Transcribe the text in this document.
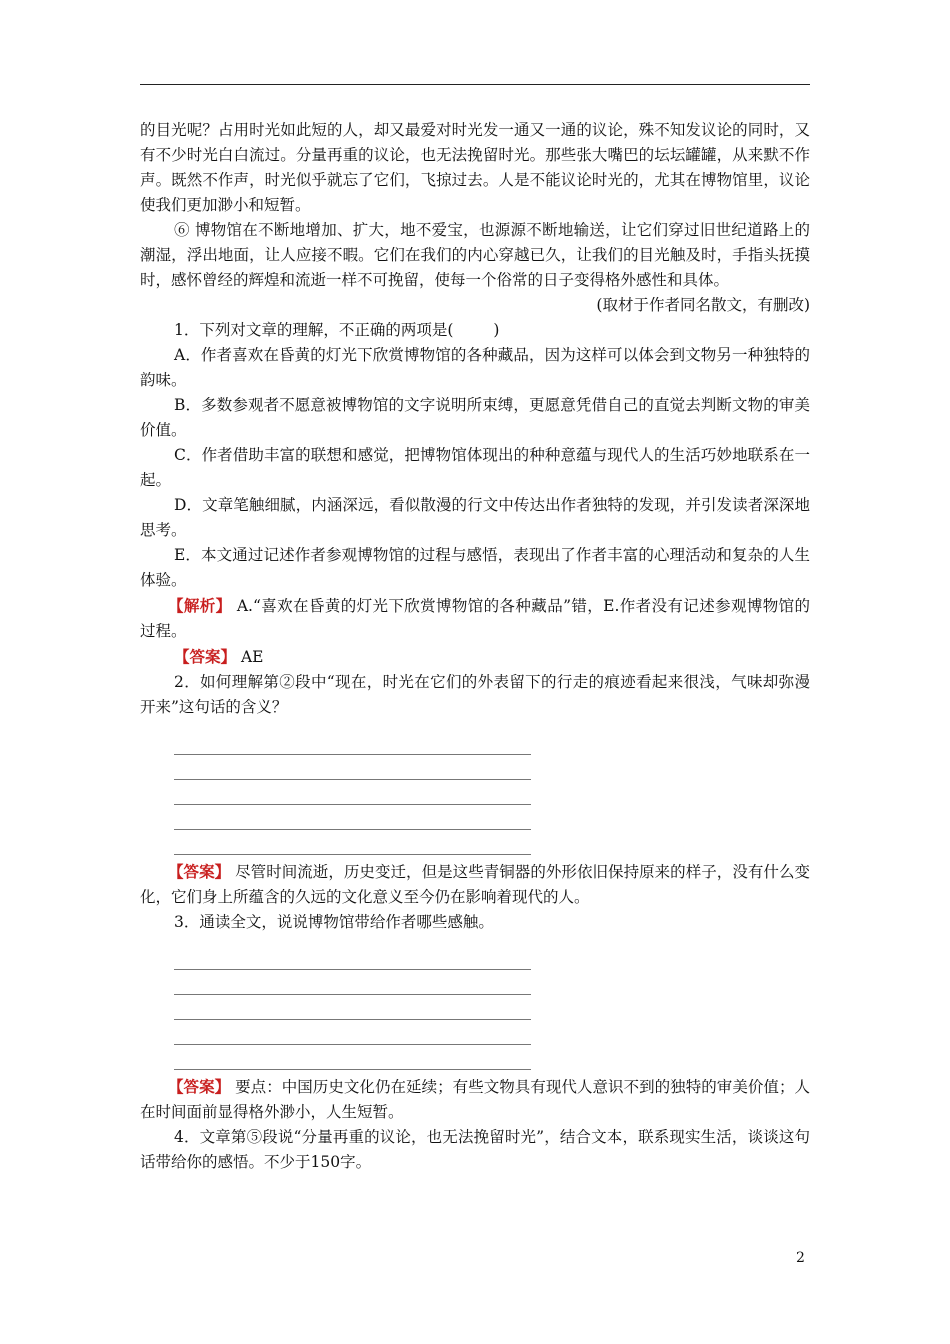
的目光呢？占用时光如此短的人，却又最爱对时光发一通又一通的议论，殊不知发议论的同时，又有不少时光白白流过。分量再重的议论，也无法挽留时光。那些张大嘴巴的坛坛罐罐，从来默不作声。既然不作声，时光似乎就忘了它们，飞掠过去。人是不能议论时光的，尤其在博物馆里，议论使我们更加渺小和短暂。

⑥ 博物馆在不断地增加、扩大，地不爱宝，也源源不断地输送，让它们穿过旧世纪道路上的潮湿，浮出地面，让人应接不暇。它们在我们的内心穿越已久，让我们的目光触及时，手指头抚摸时，感怀曾经的辉煌和流逝一样不可挽留，使每一个俗常的日子变得格外感性和具体。

(取材于作者同名散文，有删改)

1．下列对文章的理解，不正确的两项是(	)

A．作者喜欢在昏黄的灯光下欣赏博物馆的各种藏品，因为这样可以体会到文物另一种独特的韵味。

B．多数参观者不愿意被博物馆的文字说明所束缚，更愿意凭借自己的直觉去判断文物的审美价值。

C．作者借助丰富的联想和感觉，把博物馆体现出的种种意蕴与现代人的生活巧妙地联系在一起。

D．文章笔触细腻，内涵深远，看似散漫的行文中传达出作者独特的发现，并引发读者深深地思考。

E．本文通过记述作者参观博物馆的过程与感悟，表现出了作者丰富的心理活动和复杂的人生体验。

【解析】 A.“喜欢在昏黄的灯光下欣赏博物馆的各种藏品”错，E.作者没有记述参观博物馆的过程。

【答案】 AE

2．如何理解第②段中“现在，时光在它们的外表留下的行走的痕迹看起来很浅，气味却弥漫开来”这句话的含义？

【答案】 尽管时间流逝，历史变迁，但是这些青铜器的外形依旧保持原来的样子，没有什么变化，它们身上所蕴含的久远的文化意义至今仍在影响着现代的人。

3．通读全文，说说博物馆带给作者哪些感触。

【答案】 要点：中国历史文化仍在延续；有些文物具有现代人意识不到的独特的审美价值；人在时间面前显得格外渺小，人生短暂。

4．文章第⑤段说“分量再重的议论，也无法挽留时光”，结合文本，联系现实生活，谈谈这句话带给你的感悟。不少于150字。

2
